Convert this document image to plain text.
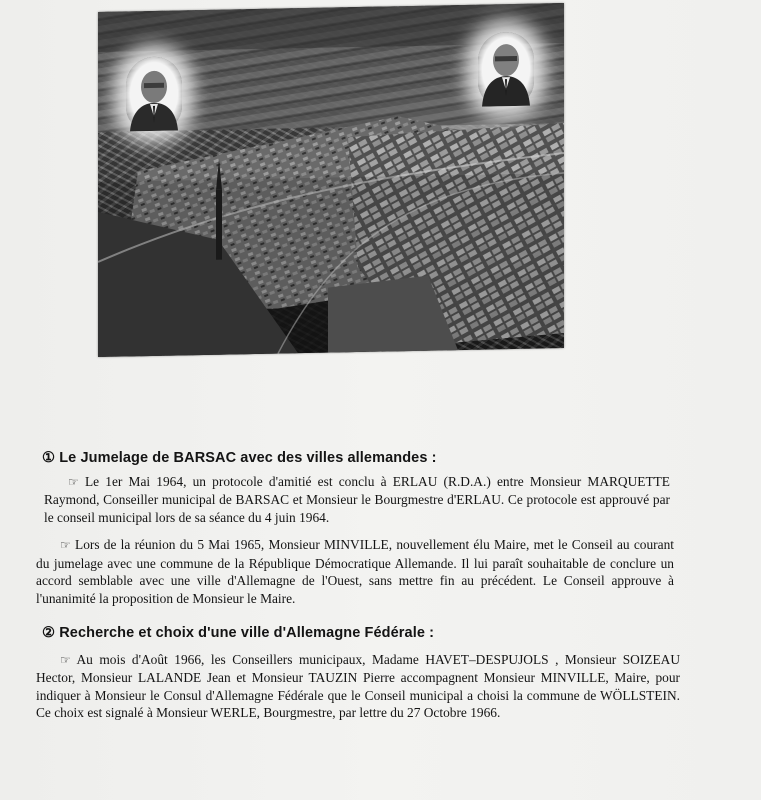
① Le Jumelage de BARSAC avec des villes allemandes :
☞ Le 1er Mai 1964, un protocole d'amitié est conclu à ERLAU (R.D.A.) entre Monsieur MARQUETTE Raymond, Conseiller municipal de BARSAC et Monsieur le Bourgmestre d'ERLAU. Ce protocole est approuvé par le conseil municipal lors de sa séance du 4 juin 1964.
☞ Lors de la réunion du 5 Mai 1965, Monsieur MINVILLE, nouvellement élu Maire, met le Conseil au courant du jumelage avec une commune de la République Démocratique Allemande. Il lui paraît souhaitable de conclure un accord semblable avec une ville d'Allemagne de l'Ouest, sans mettre fin au précédent. Le Conseil approuve à l'unanimité la proposition de Monsieur le Maire.
② Recherche et choix d'une ville d'Allemagne Fédérale :
☞ Au mois d'Août 1966, les Conseillers municipaux, Madame HAVET–DESPUJOLS , Monsieur SOIZEAU Hector, Monsieur LALANDE Jean et Monsieur TAUZIN Pierre accompagnent Monsieur MINVILLE, Maire, pour indiquer à Monsieur le Consul d'Allemagne Fédérale que le Conseil municipal a choisi la commune de WÖLLSTEIN. Ce choix est signalé à Monsieur WERLE, Bourgmestre, par lettre du 27 Octobre 1966.
